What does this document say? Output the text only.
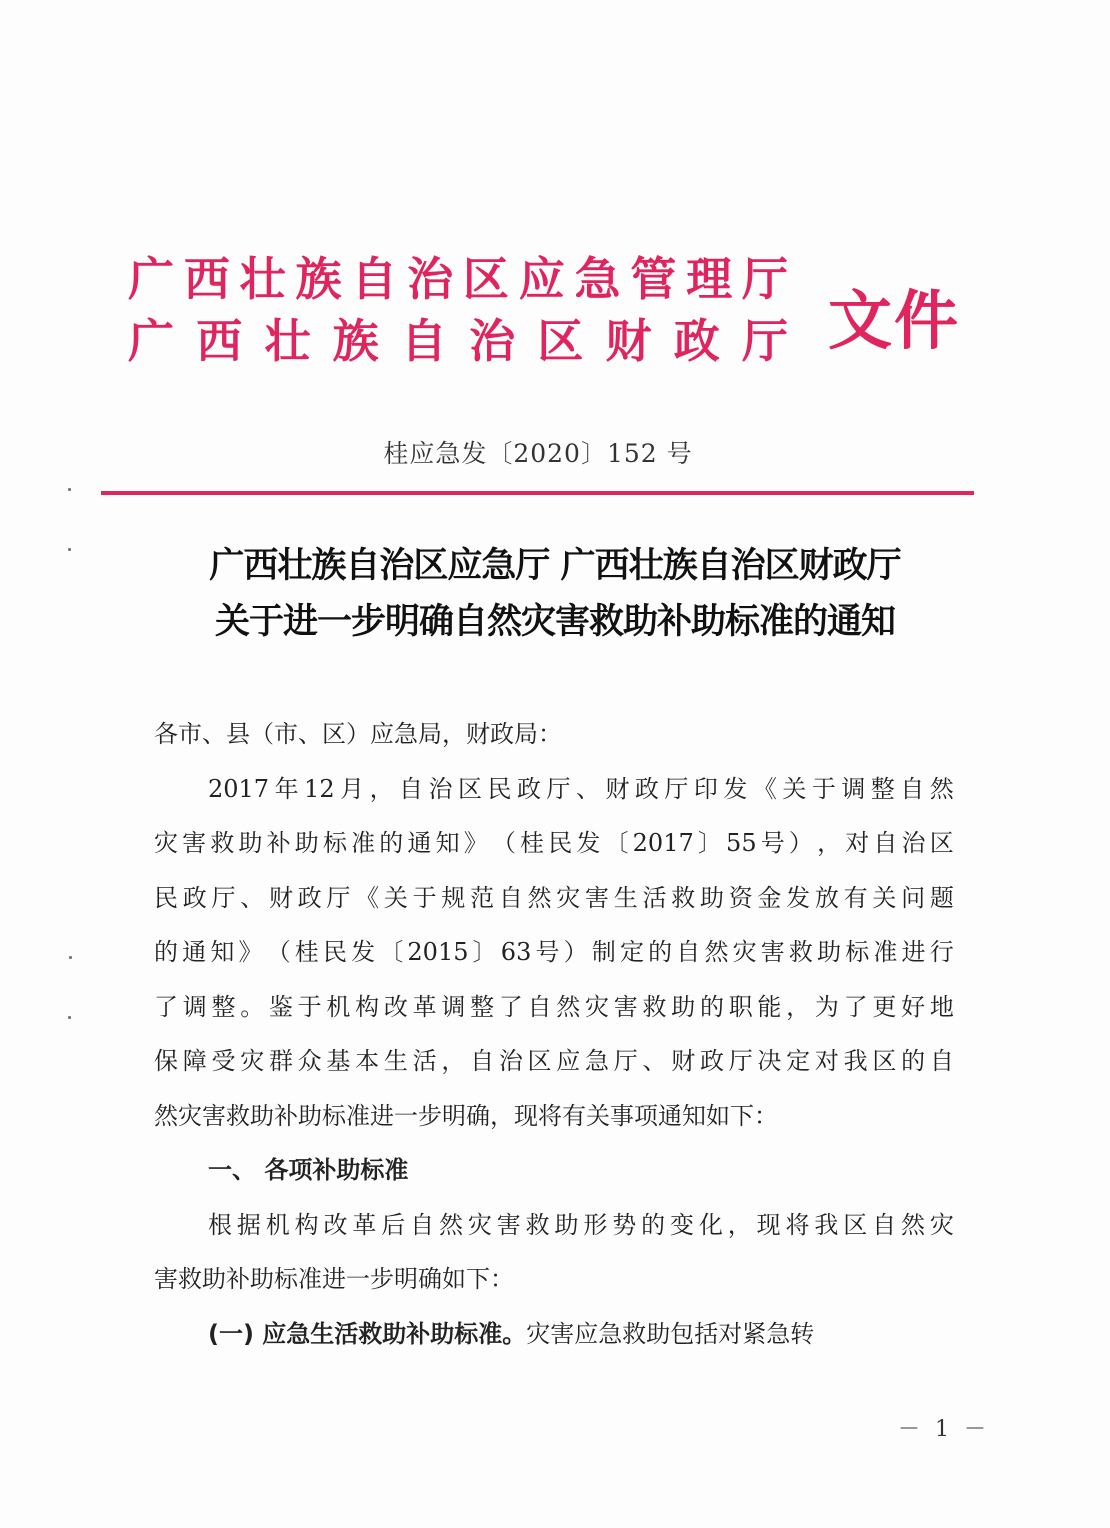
广 西 壮 族 自 治 区 应 急 管 理 厅
广 西 壮 族 自 治 区 财 政 厅 文件
桂应急发〔2020〕152 号
广西壮族自治区应急厅 广西壮族自治区财政厅
关于进一步明确自然灾害救助补助标准的通知
各市、县（市、区）应急局，财政局：
2017 年 12 月 ， 自 治 区 民 政 厅 、 财 政 厅 印 发 《 关 于 调 整 自 然
灾 害 救 助 补 助 标 准 的 通 知 》 （ 桂 民 发 〔 2017 〕 55 号 ） ， 对 自 治 区
民 政 厅 、 财 政 厅 《 关 于 规 范 自 然 灾 害 生 活 救 助 资 金 发 放 有 关 问 题
的 通 知 》 （ 桂 民 发 〔 2015 〕 63 号 ） 制 定 的 自 然 灾 害 救 助 标 准 进 行
了 调 整 。 鉴 于 机 构 改 革 调 整 了 自 然 灾 害 救 助 的 职 能 ， 为 了 更 好 地
保 障 受 灾 群 众 基 本 生 活 ， 自 治 区 应 急 厅 、 财 政 厅 决 定 对 我 区 的 自
然灾害救助补助标准进一步明确，现将有关事项通知如下：
一、 各项补助标准
根 据 机 构 改 革 后 自 然 灾 害 救 助 形 势 的 变 化 ， 现 将 我 区 自 然 灾
害救助补助标准进一步明确如下：
(一) 应急生活救助补助标准。 灾害应急救助包括对紧急转
－ 1 －
